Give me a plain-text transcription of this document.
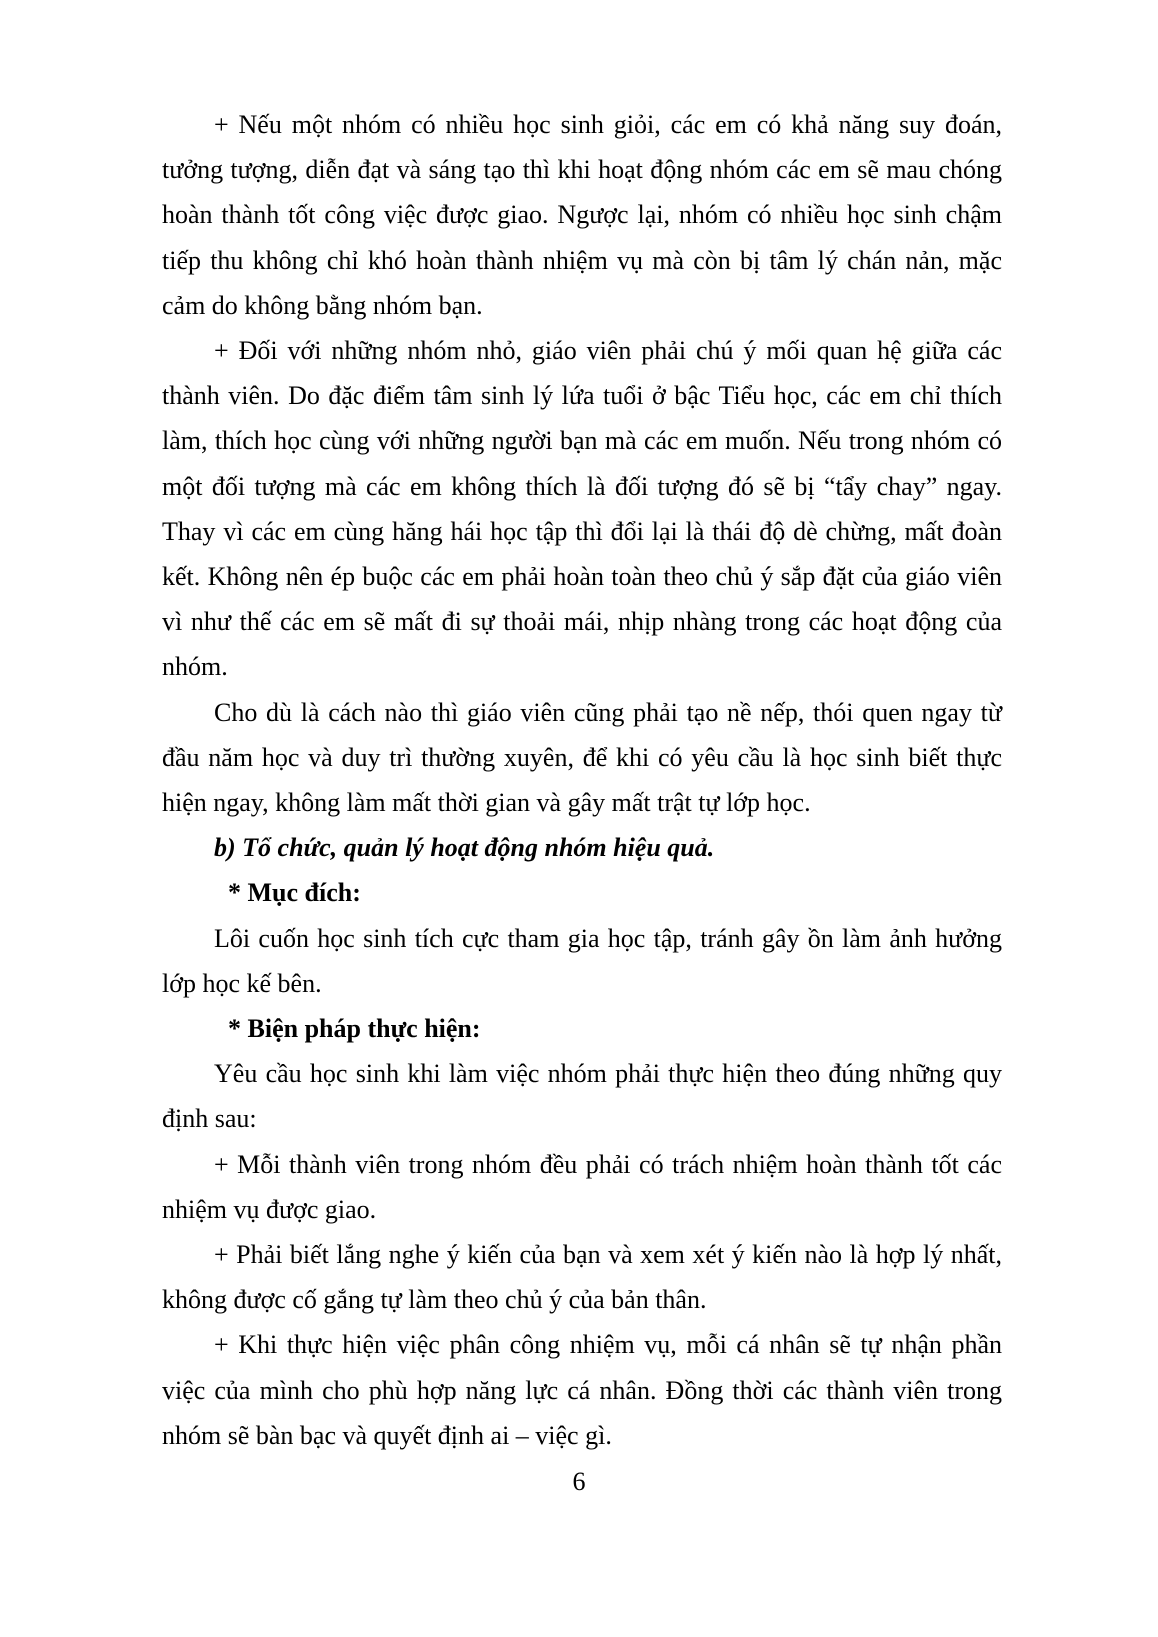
+ Nếu một nhóm có nhiều học sinh giỏi, các em có khả năng suy đoán, tưởng tượng, diễn đạt và sáng tạo thì khi hoạt động nhóm các em sẽ mau chóng hoàn thành tốt công việc được giao. Ngược lại, nhóm có nhiều học sinh chậm tiếp thu không chỉ khó hoàn thành nhiệm vụ mà còn bị tâm lý chán nản, mặc cảm do không bằng nhóm bạn.

+ Đối với những nhóm nhỏ, giáo viên phải chú ý mối quan hệ giữa các thành viên. Do đặc điểm tâm sinh lý lứa tuổi ở bậc Tiểu học, các em chỉ thích làm, thích học cùng với những người bạn mà các em muốn. Nếu trong nhóm có một đối tượng mà các em không thích là đối tượng đó sẽ bị “tẩy chay” ngay. Thay vì các em cùng hăng hái học tập thì đổi lại là thái độ dè chừng, mất đoàn kết. Không nên ép buộc các em phải hoàn toàn theo chủ ý sắp đặt của giáo viên vì như thế các em sẽ mất đi sự thoải mái, nhịp nhàng trong các hoạt động của nhóm.

Cho dù là cách nào thì giáo viên cũng phải tạo nề nếp, thói quen ngay từ đầu năm học và duy trì thường xuyên, để khi có yêu cầu là học sinh biết thực hiện ngay, không làm mất thời gian và gây mất trật tự lớp học.

b) Tổ chức, quản lý hoạt động nhóm hiệu quả.

* Mục đích:

Lôi cuốn học sinh tích cực tham gia học tập, tránh gây ồn làm ảnh hưởng lớp học kế bên.

* Biện pháp thực hiện:

Yêu cầu học sinh khi làm việc nhóm phải thực hiện theo đúng những quy định sau:

+ Mỗi thành viên trong nhóm đều phải có trách nhiệm hoàn thành tốt các nhiệm vụ được giao.

+ Phải biết lắng nghe ý kiến của bạn và xem xét ý kiến nào là hợp lý nhất, không được cố gắng tự làm theo chủ ý của bản thân.

+ Khi thực hiện việc phân công nhiệm vụ, mỗi cá nhân sẽ tự nhận phần việc của mình cho phù hợp năng lực cá nhân. Đồng thời các thành viên trong nhóm sẽ bàn bạc và quyết định ai – việc gì.

6
